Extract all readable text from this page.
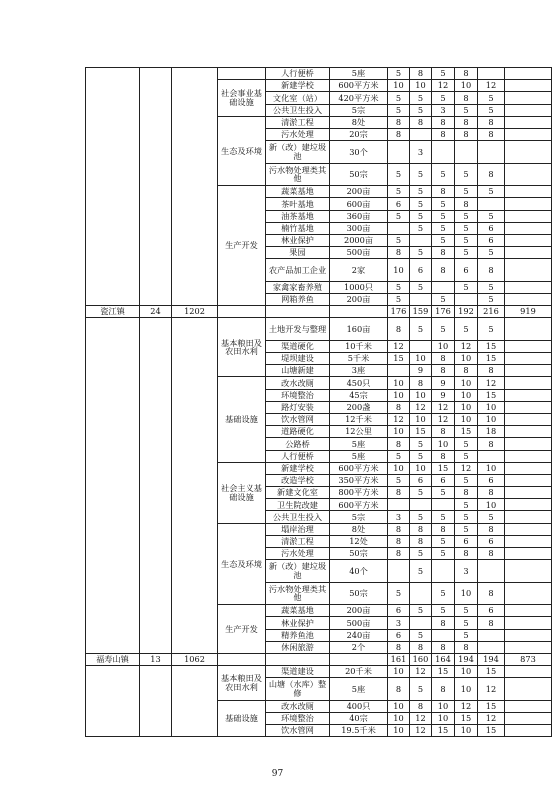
				人行便桥	5座	5	8	5	8		
			社会事业基础设施	新建学校	600平方米	10	10	12	10	12	
				文化室（站）	420平方米	5	5	5	8	5	
				公共卫生投入	5宗	5	5	3	5	5	
			生态及环境	清淤工程	8处	8	8	8	8	8	
				污水处理	20宗	8		8	8	8	
				新（改）建垃圾池	30个		3				
				污水物处理类其他	50宗	5	5	5	5	8	
			生产开发	蔬菜基地	200亩	5	5	8	5	5	
				茶叶基地	600亩	6	5	5	8		
				油茶基地	360亩	5	5	5	5	5	
				楠竹基地	300亩		5	5	5	6	
				林业保护	2000亩	5		5	5	6	
				果园	500亩	8	5	8	5	5	
				农产品加工企业	2家	10	6	8	6	8	
				家禽家畜养殖	1000只	5	5		5	5	
				网箱养鱼	200亩	5		5		5	
瓷江镇	24	1202				176	159	176	192	216	919
			基本粮田及农田水利	土地开发与整理	160亩	8	5	5	5	5	
				渠道硬化	10千米	12		10	12	15	
				堤坝建设	5千米	15	10	8	10	15	
				山塘新建	3座		9	8	8	8	
			基础设施	改水改厕	450只	10	8	9	10	12	
				环境整治	45宗	10	10	9	10	15	
				路灯安装	200盏	8	12	12	10	10	
				饮水管网	12千米	12	10	12	10	10	
				道路硬化	12公里	10	15	8	15	18	
				公路桥	5座	8	5	10	5	8	
				人行便桥	5座	5	5	8	5		
			社会主义基础设施	新建学校	600平方米	10	10	15	12	10	
				改造学校	350平方米	5	6	6	5	6	
				新建文化室	800平方米	8	5	5	8	8	
				卫生院改建	600平方米				5	10	
				公共卫生投入	5宗	3	5	5	5	5	
			生态及环境	塌岸治理	8处	8	8	8	5	8	
				清淤工程	12处	8	8	5	6	6	
				污水处理	50宗	8	5	5	8	8	
				新（改）建垃圾池	40个		5		3		
				污水物处理类其他	50宗	5		5	10	8	
			生产开发	蔬菜基地	200亩	6	5	5	5	6	
				林业保护	500亩	3		8	5	8	
				精养鱼池	240亩	6	5		5		
				休闲旅游	2个	8	8	8	8		
福寿山镇	13	1062				161	160	164	194	194	873
			基本粮田及农田水利	渠道建设	20千米	10	12	15	10	15	
				山塘（水库）整修	5座	8	5	8	10	12	
			基础设施	改水改厕	400只	10	8	10	12	15	
				环境整治	40宗	10	12	10	15	12	
				饮水管网	19.5千米	10	12	15	10	15	
97
